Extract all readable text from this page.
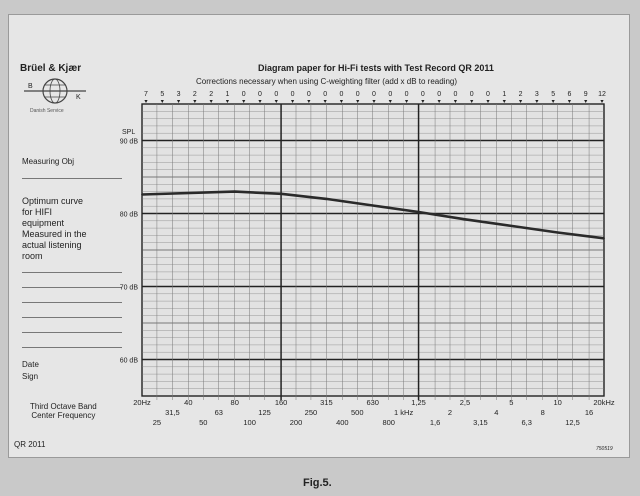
Brüel & Kjær
B
K
Danish Service
Diagram paper for Hi-Fi tests with Test Record QR 2011
Corrections necessary when using C-weighting filter (add x dB to reading)
Measuring Obj
Optimum curve
for HIFI
equipment
Measured in the
actual listening
room
Date
Sign
Third Octave Band
Center Frequency
QR 2011	750519
Fig.5.
7 5 3 2 2 1 0 0 0 0 0 0 0 0 0 0 0 0 0 0 0 0 1 2 3 5 6 9 12
SPL
90 dB
80 dB
70 dB
60 dB
20Hz	40	80	160	315	630	1,25	2,5	5	10	20kHz
31,5	63	125	250	500	1 kHz	2	4	8	16
25	50	100	200	400	800	1,6	3,15	6,3	12,5
